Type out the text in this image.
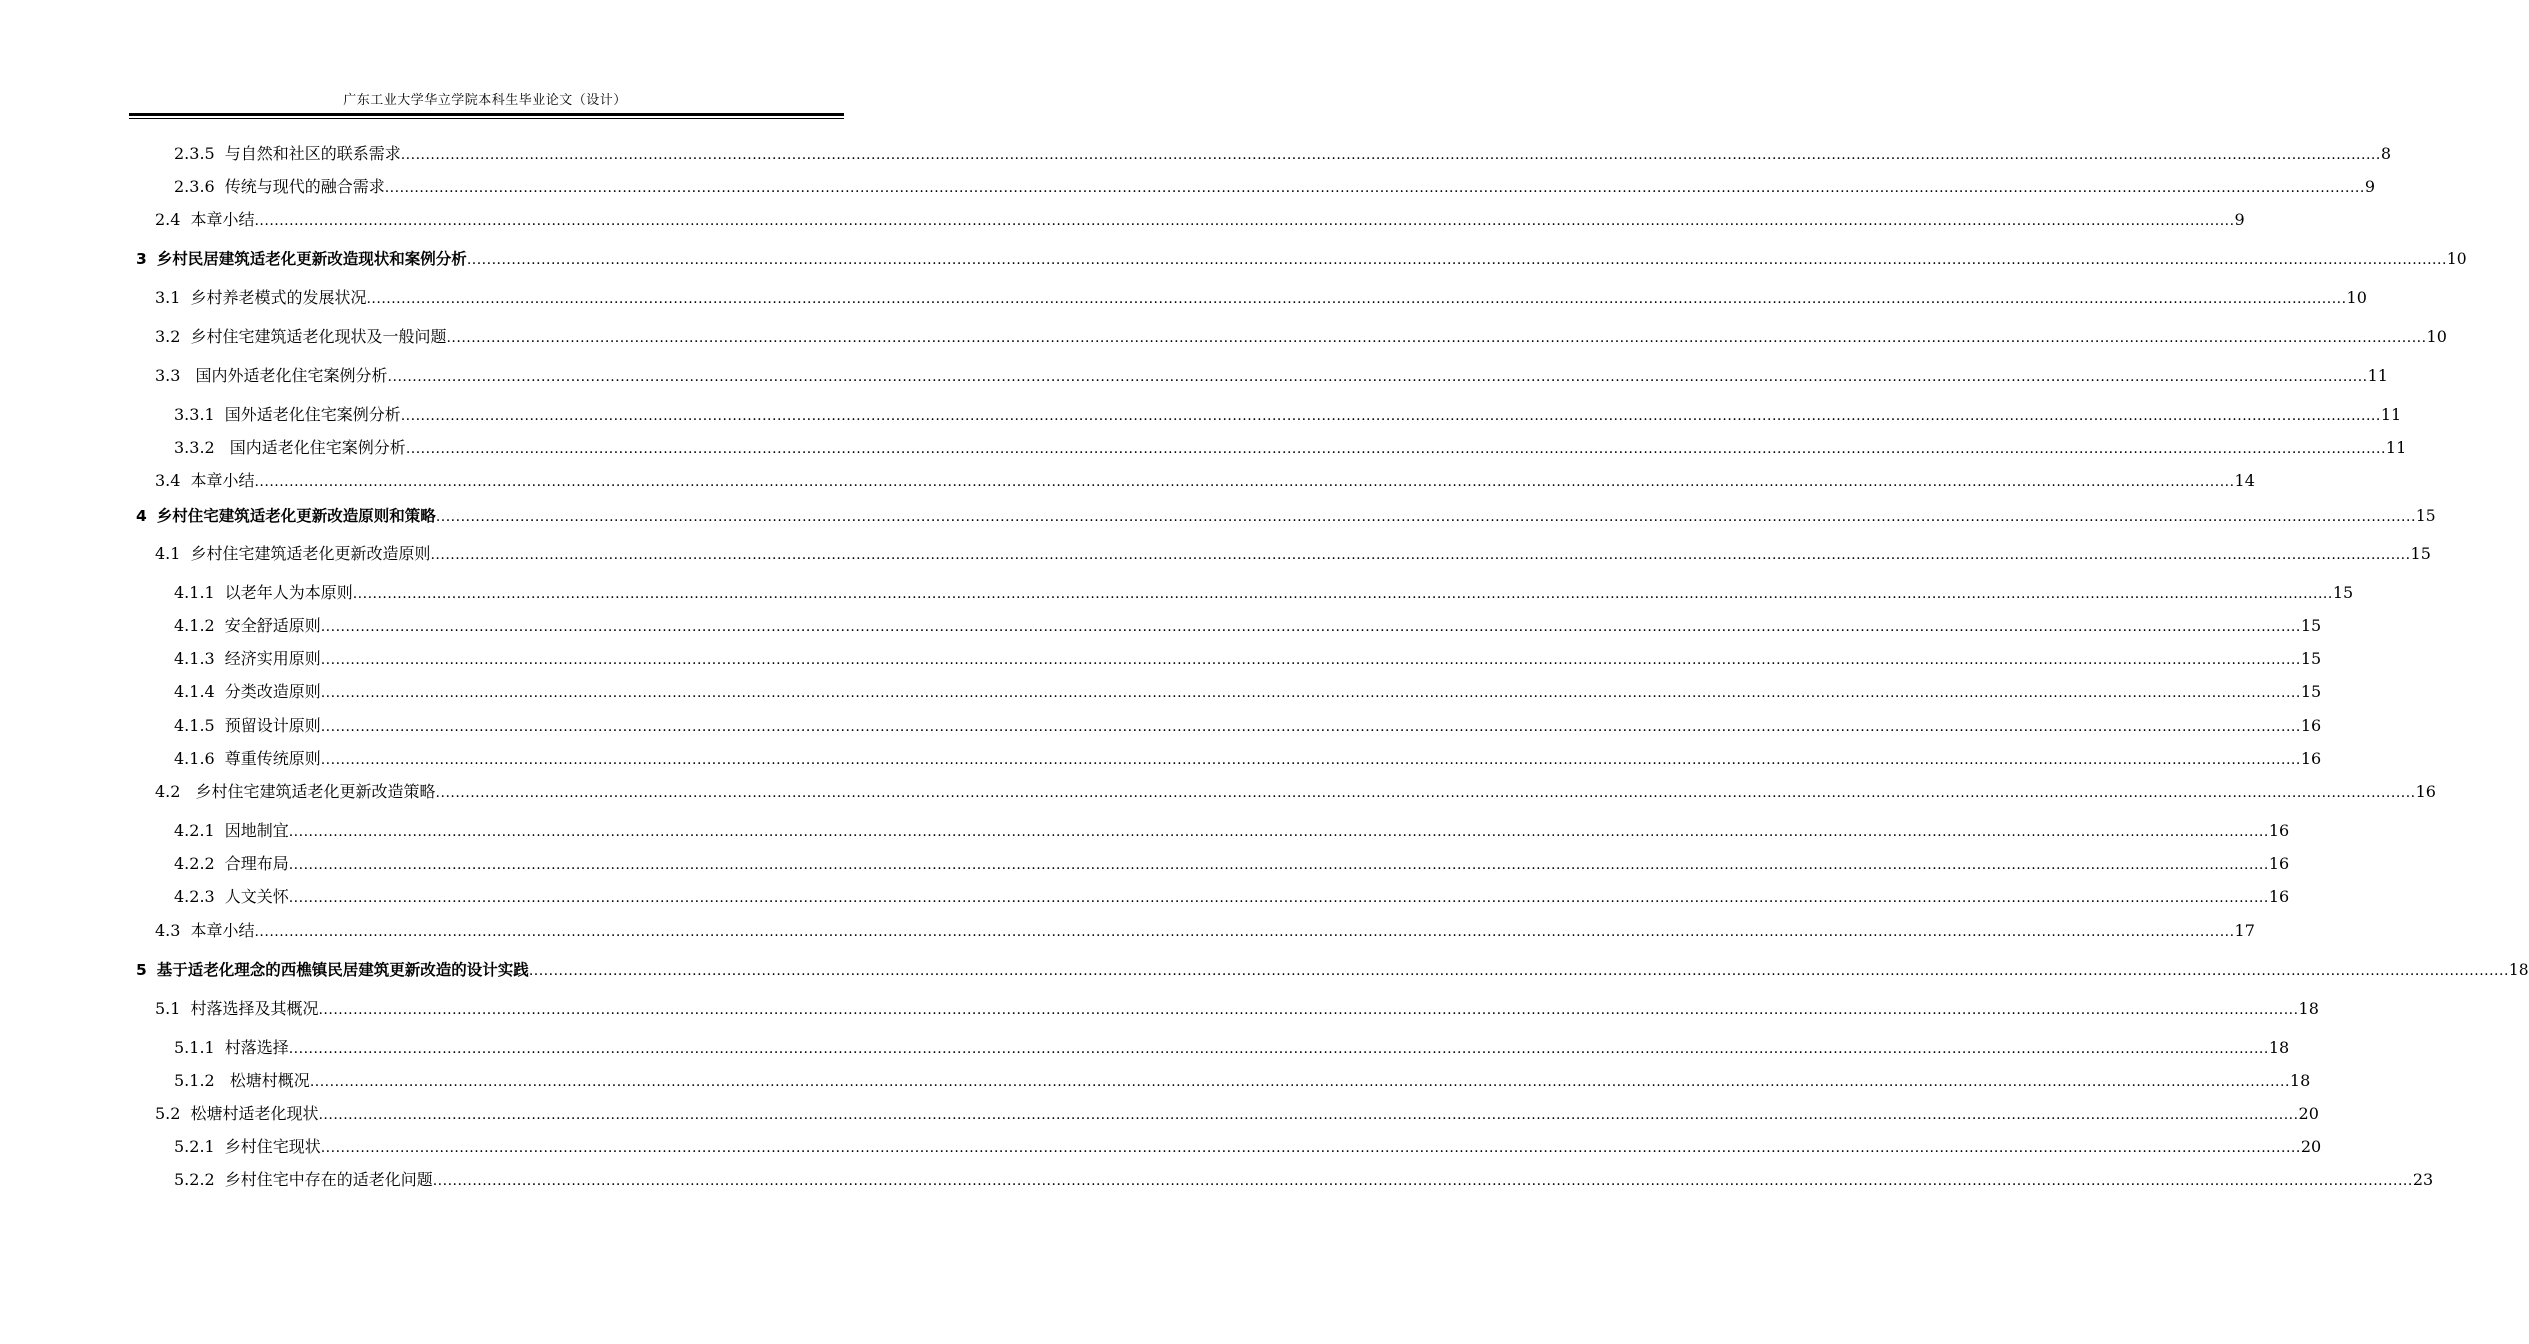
广东工业大学华立学院本科生毕业论文（设计）
2.3.5 与自然和社区的联系需求 ................................................................................................................................................................................................................................................................................................................................................................................................................ 8
2.3.6 传统与现代的融合需求 ................................................................................................................................................................................................................................................................................................................................................................................................................ 9
2.4 本章小结 ................................................................................................................................................................................................................................................................................................................................................................................................................ 9
3 乡村民居建筑适老化更新改造现状和案例分析 ................................................................................................................................................................................................................................................................................................................................................................................................................ 10
3.1 乡村养老模式的发展状况 ................................................................................................................................................................................................................................................................................................................................................................................................................ 10
3.2 乡村住宅建筑适老化现状及一般问题 ................................................................................................................................................................................................................................................................................................................................................................................................................ 10
3.3 国内外适老化住宅案例分析 ................................................................................................................................................................................................................................................................................................................................................................................................................ 11
3.3.1 国外适老化住宅案例分析 ................................................................................................................................................................................................................................................................................................................................................................................................................ 11
3.3.2 国内适老化住宅案例分析 ................................................................................................................................................................................................................................................................................................................................................................................................................ 11
3.4 本章小结 ................................................................................................................................................................................................................................................................................................................................................................................................................ 14
4 乡村住宅建筑适老化更新改造原则和策略 ................................................................................................................................................................................................................................................................................................................................................................................................................ 15
4.1 乡村住宅建筑适老化更新改造原则 ................................................................................................................................................................................................................................................................................................................................................................................................................ 15
4.1.1 以老年人为本原则 ................................................................................................................................................................................................................................................................................................................................................................................................................ 15
4.1.2 安全舒适原则 ................................................................................................................................................................................................................................................................................................................................................................................................................ 15
4.1.3 经济实用原则 ................................................................................................................................................................................................................................................................................................................................................................................................................ 15
4.1.4 分类改造原则 ................................................................................................................................................................................................................................................................................................................................................................................................................ 15
4.1.5 预留设计原则 ................................................................................................................................................................................................................................................................................................................................................................................................................ 16
4.1.6 尊重传统原则 ................................................................................................................................................................................................................................................................................................................................................................................................................ 16
4.2 乡村住宅建筑适老化更新改造策略 ................................................................................................................................................................................................................................................................................................................................................................................................................ 16
4.2.1 因地制宜 ................................................................................................................................................................................................................................................................................................................................................................................................................ 16
4.2.2 合理布局 ................................................................................................................................................................................................................................................................................................................................................................................................................ 16
4.2.3 人文关怀 ................................................................................................................................................................................................................................................................................................................................................................................................................ 16
4.3 本章小结 ................................................................................................................................................................................................................................................................................................................................................................................................................ 17
5 基于适老化理念的西樵镇民居建筑更新改造的设计实践 ................................................................................................................................................................................................................................................................................................................................................................................................................ 18
5.1 村落选择及其概况 ................................................................................................................................................................................................................................................................................................................................................................................................................ 18
5.1.1 村落选择 ................................................................................................................................................................................................................................................................................................................................................................................................................ 18
5.1.2 松塘村概况 ................................................................................................................................................................................................................................................................................................................................................................................................................ 18
5.2 松塘村适老化现状 ................................................................................................................................................................................................................................................................................................................................................................................................................ 20
5.2.1 乡村住宅现状 ................................................................................................................................................................................................................................................................................................................................................................................................................ 20
5.2.2 乡村住宅中存在的适老化问题 ................................................................................................................................................................................................................................................................................................................................................................................................................ 23
